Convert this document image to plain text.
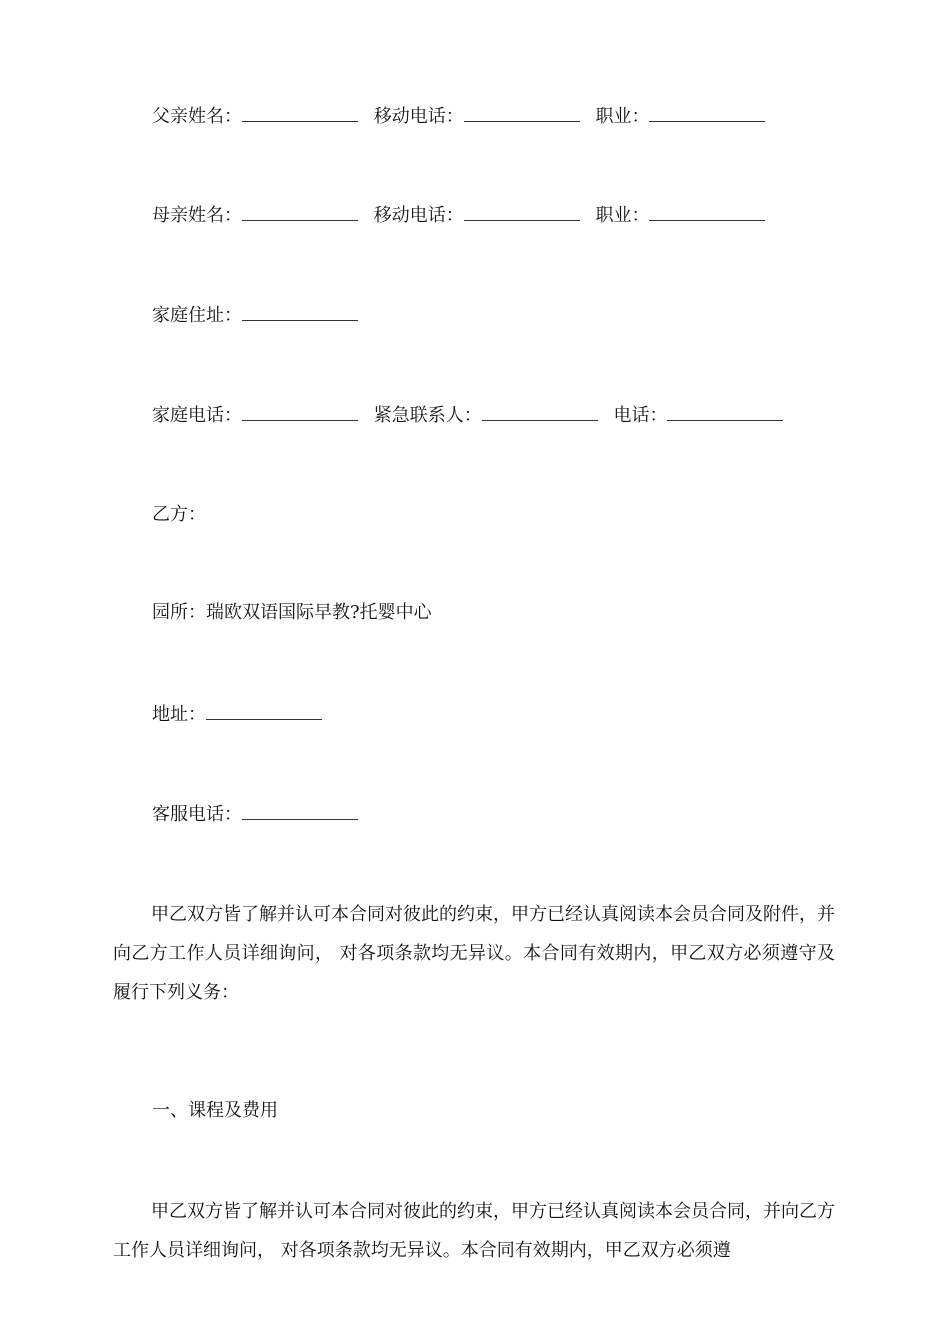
父亲姓名：	移动电话：	职业：
母亲姓名：	移动电话：	职业：
家庭住址：
家庭电话：	紧急联系人：	电话：
乙方：
园所：瑞欧双语国际早教?托婴中心
地址：
客服电话：
甲乙双方皆了解并认可本合同对彼此的约束，甲方已经认真阅读本会员合同及附件，并向乙方工作人员详细询问， 对各项条款均无异议。本合同有效期内，甲乙双方必须遵守及履行下列义务：
一、课程及费用
甲乙双方皆了解并认可本合同对彼此的约束，甲方已经认真阅读本会员合同，并向乙方工作人员详细询问， 对各项条款均无异议。本合同有效期内，甲乙双方必须遵
